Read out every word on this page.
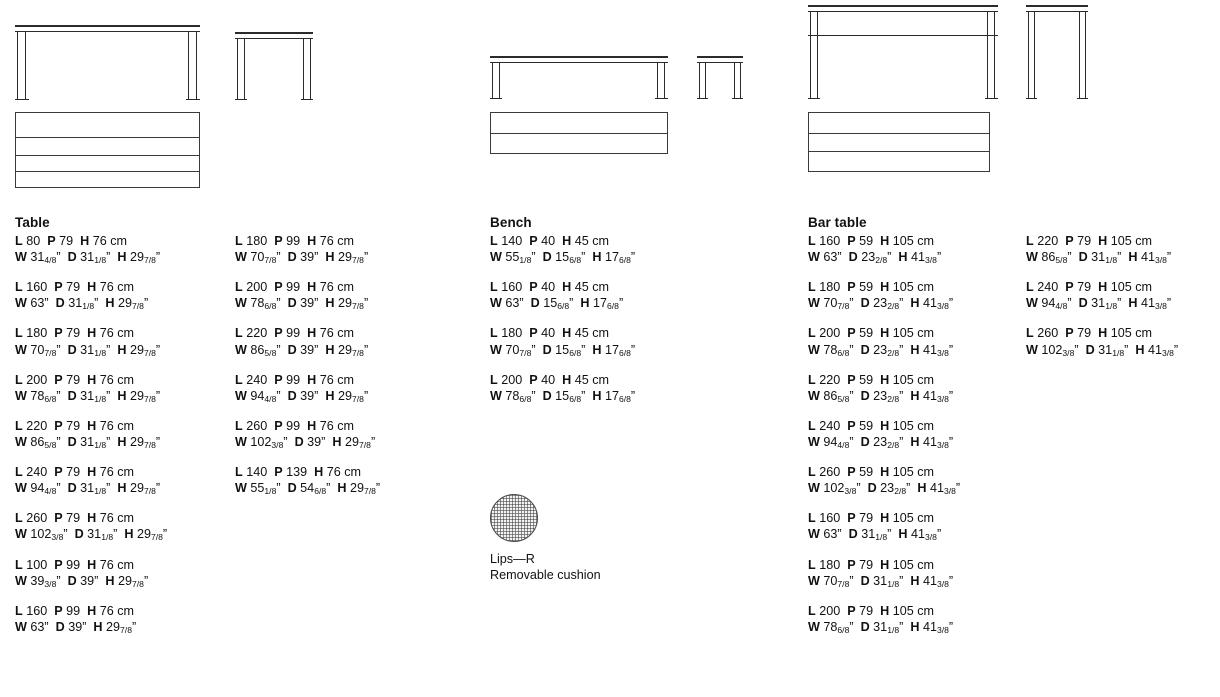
Table
L 80  P 79  H 76 cm
W $31_{4/8}$”  D $31_{1/8}$”  H $29_{7/8}$”
L 160  P 79  H 76 cm
W 63”  D $31_{1/8}$”  H $29_{7/8}$”
L 180  P 79  H 76 cm
W $70_{7/8}$”  D $31_{1/8}$”  H $29_{7/8}$”
L 200  P 79  H 76 cm
W $78_{6/8}$”  D $31_{1/8}$”  H $29_{7/8}$”
L 220  P 79  H 76 cm
W $86_{5/8}$”  D $31_{1/8}$”  H $29_{7/8}$”
L 240  P 79  H 76 cm
W $94_{4/8}$”  D $31_{1/8}$”  H $29_{7/8}$”
L 260  P 79  H 76 cm
W $102_{3/8}$”  D $31_{1/8}$”  H $29_{7/8}$”
L 100  P 99  H 76 cm
W $39_{3/8}$”  D 39”  H $29_{7/8}$”
L 160  P 99  H 76 cm
W 63”  D 39”  H $29_{7/8}$”
L 180  P 99  H 76 cm
W $70_{7/8}$”  D 39”  H $29_{7/8}$”
L 200  P 99  H 76 cm
W $78_{6/8}$”  D 39”  H $29_{7/8}$”
L 220  P 99  H 76 cm
W $86_{5/8}$”  D 39”  H $29_{7/8}$”
L 240  P 99  H 76 cm
W $94_{4/8}$”  D 39”  H $29_{7/8}$”
L 260  P 99  H 76 cm
W $102_{3/8}$”  D 39”  H $29_{7/8}$”
L 140  P 139  H 76 cm
W $55_{1/8}$”  D $54_{6/8}$”  H $29_{7/8}$”
Bench
L 140  P 40  H 45 cm
W $55_{1/8}$”  D $15_{6/8}$”  H $17_{6/8}$”
L 160  P 40  H 45 cm
W 63”  D $15_{6/8}$”  H $17_{6/8}$”
L 180  P 40  H 45 cm
W $70_{7/8}$”  D $15_{6/8}$”  H $17_{6/8}$”
L 200  P 40  H 45 cm
W $78_{6/8}$”  D $15_{6/8}$”  H $17_{6/8}$”
Lips—R
Removable cushion
Bar table
L 160  P 59  H 105 cm
W 63”  D $23_{2/8}$”  H $41_{3/8}$”
L 180  P 59  H 105 cm
W $70_{7/8}$”  D $23_{2/8}$”  H $41_{3/8}$”
L 200  P 59  H 105 cm
W $78_{6/8}$”  D $23_{2/8}$”  H $41_{3/8}$”
L 220  P 59  H 105 cm
W $86_{5/8}$”  D $23_{2/8}$”  H $41_{3/8}$”
L 240  P 59  H 105 cm
W $94_{4/8}$”  D $23_{2/8}$”  H $41_{3/8}$”
L 260  P 59  H 105 cm
W $102_{3/8}$”  D $23_{2/8}$”  H $41_{3/8}$”
L 160  P 79  H 105 cm
W 63”  D $31_{1/8}$”  H $41_{3/8}$”
L 180  P 79  H 105 cm
W $70_{7/8}$”  D $31_{1/8}$”  H $41_{3/8}$”
L 200  P 79  H 105 cm
W $78_{6/8}$”  D $31_{1/8}$”  H $41_{3/8}$”
L 220  P 79  H 105 cm
W $86_{5/8}$”  D $31_{1/8}$”  H $41_{3/8}$”
L 240  P 79  H 105 cm
W $94_{4/8}$”  D $31_{1/8}$”  H $41_{3/8}$”
L 260  P 79  H 105 cm
W $102_{3/8}$”  D $31_{1/8}$”  H $41_{3/8}$”
